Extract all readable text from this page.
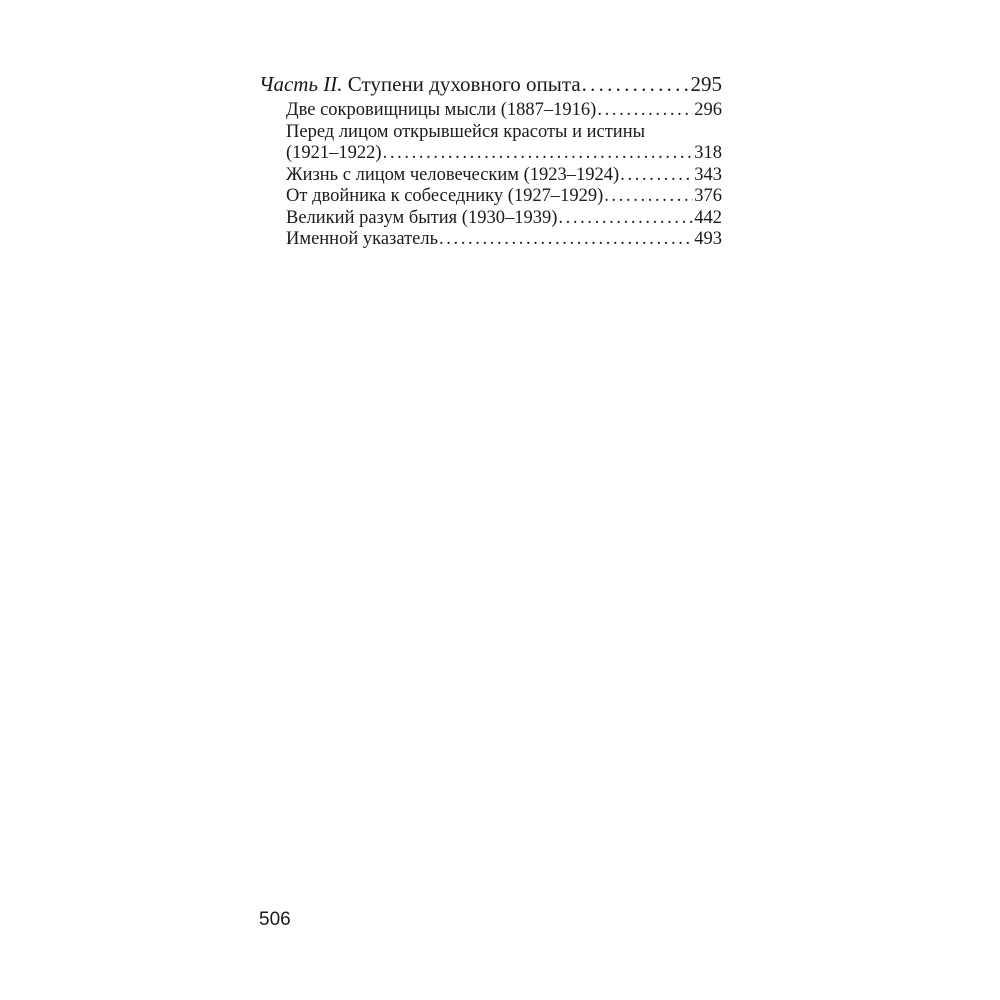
Часть II. Ступени духовного опыта . . .	295
Две сокровищницы мысли (1887–1916) . . .	296
Перед лицом открывшейся красоты и истины
(1921–1922) . . .	318
Жизнь с лицом человеческим (1923–1924) . . .	343
От двойника к собеседнику (1927–1929) . . .	376
Великий разум бытия (1930–1939) . . .	442
Именной указатель . . .	493
506
